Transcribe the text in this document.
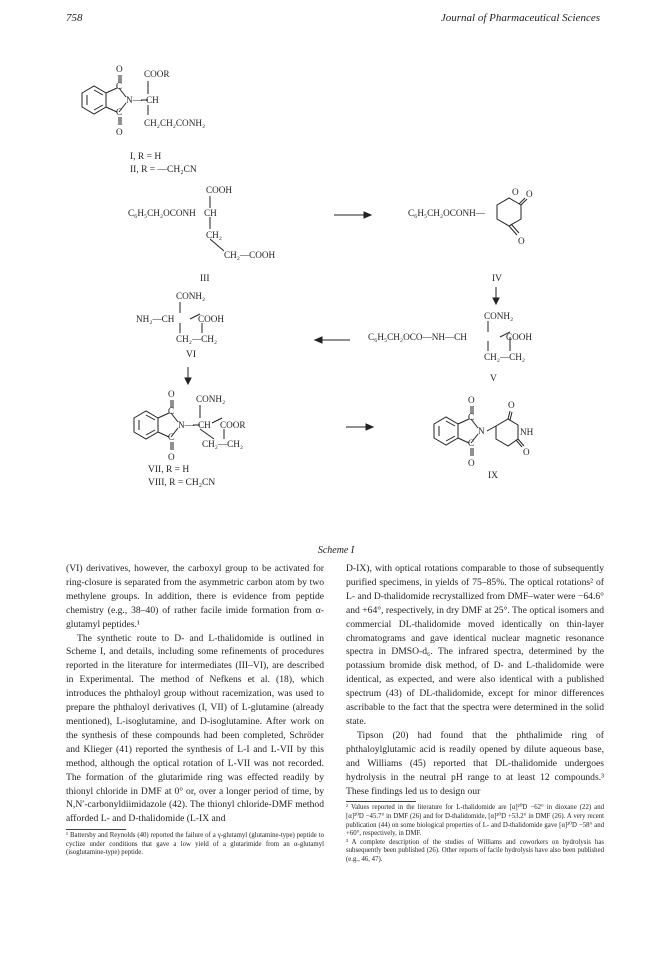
758	Journal of Pharmaceutical Sciences
O
C
C
O
N—
COOR
CH
CH₂CH₂CONH₂
I, R = H
II, R = —CH₂CN
COOH
C₆H₅CH₂OCONH CH
CH₂
CH₂—COOH
III
C₆H₅CH₂OCONH—
O O
O
IV
CONH₂
C₆H₅CH₂OCO—NH—CH	COOH
CH₂—CH₂
V
CONH₂
NH₂—CH	COOH
CH₂—CH₂
VI
O
C
C
O
N—
CONH₂
CH COOR
CH₂—CH₂
VII, R = H
VIII, R = CH₂CN
O
C
C
O
N
O
NH
O
IX
Scheme I

(VI) derivatives, however, the carboxyl group to be activated for ring-closure is separated from the asymmetric carbon atom by two methylene groups. In addition, there is evidence from peptide chemistry (e.g., 38–40) of rather facile imide formation from α-glutamyl peptides.¹

The synthetic route to D- and L-thalidomide is outlined in Scheme I, and details, including some refinements of procedures reported in the literature for intermediates (III–VI), are described in Experimental. The method of Nefkens et al. (18), which introduces the phthaloyl group without racemization, was used to prepare the phthaloyl derivatives (I, VII) of L-glutamine (already mentioned), L-isoglutamine, and D-isoglutamine. After work on the synthesis of these compounds had been completed, Schröder and Klieger (41) reported the synthesis of L-I and L-VII by this method, although the optical rotation of L-VII was not recorded. The formation of the glutarimide ring was effected readily by thionyl chloride in DMF at 0° or, over a longer period of time, by N,N′-carbonyldiimidazole (42). The thionyl chloride-DMF method afforded L- and D-thalidomide (L-IX and

¹ Battersby and Reynolds (40) reported the failure of a γ-glutamyl (glutamine-type) peptide to cyclize under conditions that gave a low yield of a glutarimide from an α-glutamyl (isoglutamine-type) peptide.

D-IX), with optical rotations comparable to those of subsequently purified specimens, in yields of 75–85%. The optical rotations² of L- and D-thalidomide recrystallized from DMF–water were −64.6° and +64°, respectively, in dry DMF at 25°. The optical isomers and commercial DL-thalidomide moved identically on thin-layer chromatograms and gave identical nuclear magnetic resonance spectra in DMSO-d₆. The infrared spectra, determined by the potassium bromide disk method, of D- and L-thalidomide were identical, as expected, and were also identical with a published spectrum (43) of DL-thalidomide, except for minor differences ascribable to the fact that the spectra were determined in the solid state.

Tipson (20) had found that the phthalimide ring of phthaloylglutamic acid is readily opened by dilute aqueous base, and Williams (45) reported that DL-thalidomide undergoes hydrolysis in the neutral pH range to at least 12 compounds.³ These findings led us to design our

² Values reported in the literature for L-thalidomide are [α]²⁰D −62° in dioxane (22) and [α]²⁰D −45.7° in DMF (26) and for D-thalidomide, [α]²⁰D +53.2° in DMF (26). A very recent publication (44) on some biological properties of L- and D-thalidomide gave [α]²⁰D −58° and +60°, respectively, in DMF.

³ A complete description of the studies of Williams and coworkers on hydrolysis has subsequently been published (26). Other reports of facile hydrolysis have also been published (e.g., 46, 47).
